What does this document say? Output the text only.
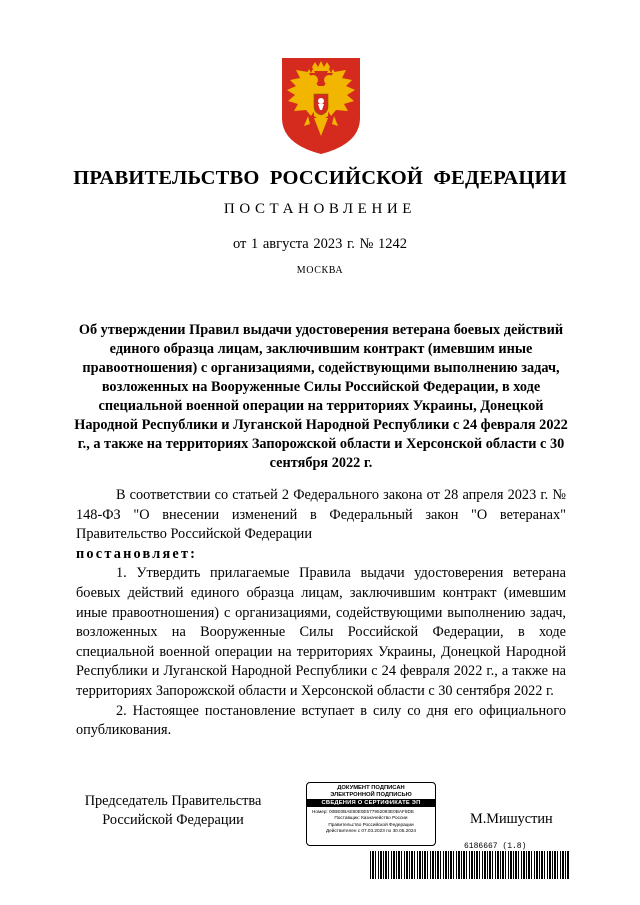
ПРАВИТЕЛЬСТВО РОССИЙСКОЙ ФЕДЕРАЦИИ
ПОСТАНОВЛЕНИЕ
от 1 августа 2023 г. № 1242
МОСКВА
Об утверждении Правил выдачи удостоверения ветерана боевых действий единого образца лицам, заключившим контракт (имевшим иные правоотношения) с организациями, содействующими выполнению задач, возложенных на Вооруженные Силы Российской Федерации, в ходе специальной военной операции на территориях Украины, Донецкой Народной Республики и Луганской Народной Республики с 24 февраля 2022 г., а также на территориях Запорожской области и Херсонской области с 30 сентября 2022 г.

В соответствии со статьей 2 Федерального закона от 28 апреля 2023 г. № 148-ФЗ "О внесении изменений в Федеральный закон "О ветеранах" Правительство Российской Федерации

постановляет:

1. Утвердить прилагаемые Правила выдачи удостоверения ветерана боевых действий единого образца лицам, заключившим контракт (имевшим иные правоотношения) с организациями, содействующими выполнению задач, возложенных на Вооруженные Силы Российской Федерации, в ходе специальной военной операции на территориях Украины, Донецкой Народной Республики и Луганской Народной Республики с 24 февраля 2022 г., а также на территориях Запорожской области и Херсонской области с 30 сентября 2022 г.

2. Настоящее постановление вступает в силу со дня его официального опубликования.

Председатель Правительства
Российской Федерации
ДОКУМЕНТ ПОДПИСАН
ЭЛЕКТРОННОЙ ПОДПИСЬЮ
СВЕДЕНИЯ О СЕРТИФИКАТЕ ЭП
Номер: 00BE0BAE80E0E577952093E0BAF8DE
Поставщик: Казначейство России
Правительство Российской Федерации
Действителен с 07.03.2023 по 30.05.2024
М.Мишустин
6186667 (1.8)
